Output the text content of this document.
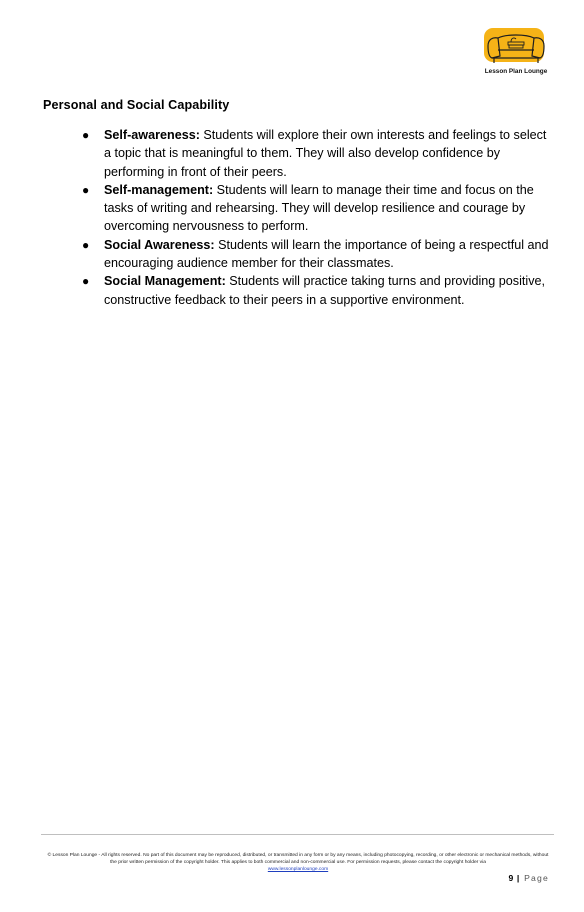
Lesson Plan Lounge
Personal and Social Capability
● Self-awareness: Students will explore their own interests and feelings to select a topic that is meaningful to them. They will also develop confidence by performing in front of their peers.
● Self-management: Students will learn to manage their time and focus on the tasks of writing and rehearsing. They will develop resilience and courage by overcoming nervousness to perform.
● Social Awareness: Students will learn the importance of being a respectful and encouraging audience member for their classmates.
● Social Management: Students will practice taking turns and providing positive, constructive feedback to their peers in a supportive environment.
© Lesson Plan Lounge - All rights reserved. No part of this document may be reproduced, distributed, or transmitted in any form or by any means, including photocopying, recording, or other electronic or mechanical methods, without the prior written permission of the copyright holder. This applies to both commercial and non-commercial use. For permission requests, please contact the copyright holder via
www.lessonplanlounge.com
9 | Page
